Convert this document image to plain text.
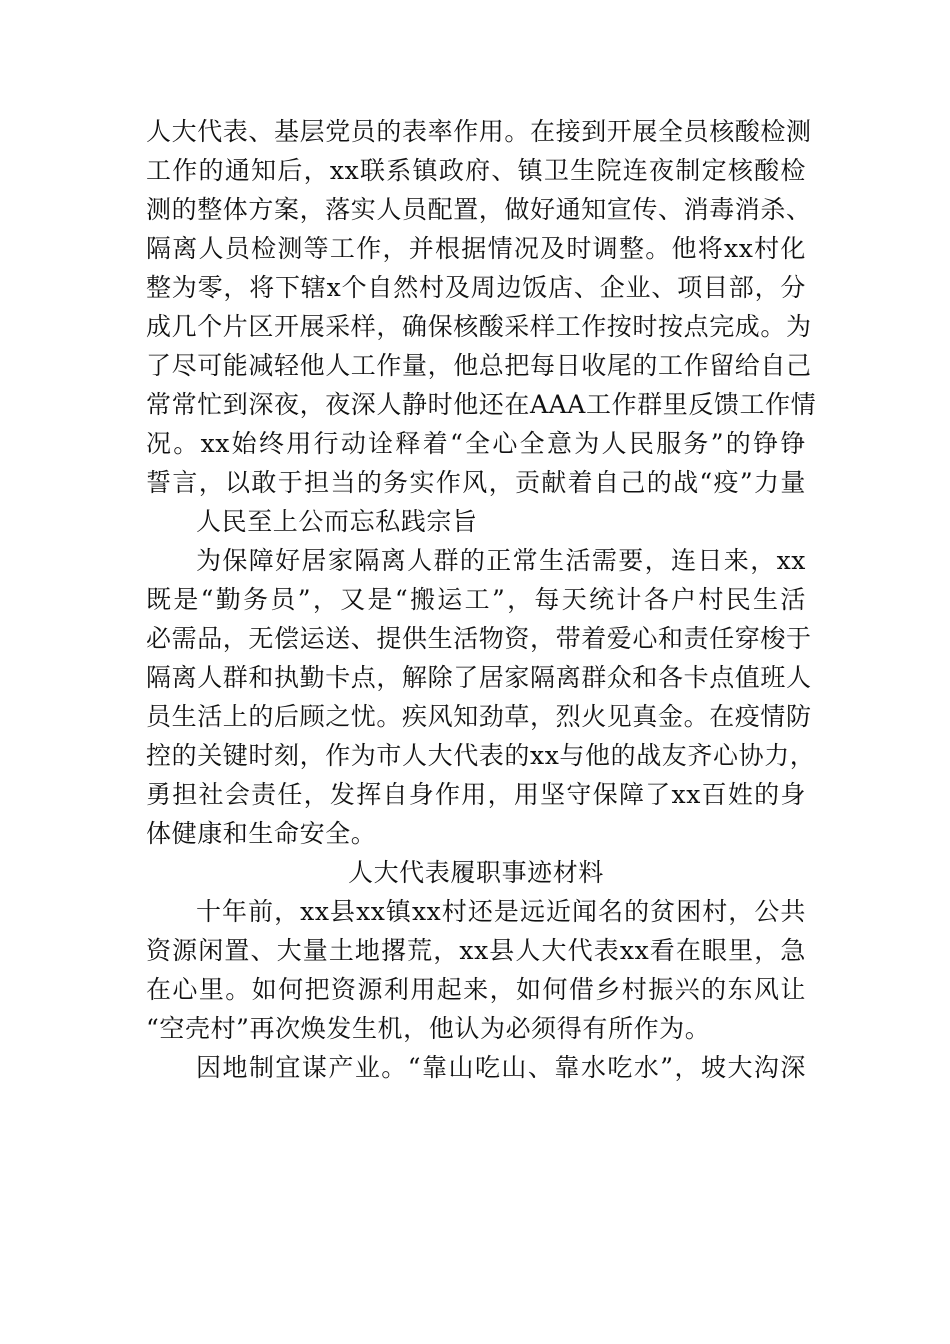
人大代表、基层党员的表率作用。在接到开展全员核酸检测
工作的通知后，xx联系镇政府、镇卫生院连夜制定核酸检
测的整体方案，落实人员配置，做好通知宣传、消毒消杀、
隔离人员检测等工作，并根据情况及时调整。他将xx村化
整为零，将下辖x个自然村及周边饭店、企业、项目部，分
成几个片区开展采样，确保核酸采样工作按时按点完成。为
了尽可能减轻他人工作量，他总把每日收尾的工作留给自己
常常忙到深夜，夜深人静时他还在AAA工作群里反馈工作情
况。xx始终用行动诠释着“全心全意为人民服务”的铮铮
誓言，以敢于担当的务实作风，贡献着自己的战“疫”力量
人民至上公而忘私践宗旨
为保障好居家隔离人群的正常生活需要，连日来，xx
既是“勤务员”，又是“搬运工”，每天统计各户村民生活
必需品，无偿运送、提供生活物资，带着爱心和责任穿梭于
隔离人群和执勤卡点，解除了居家隔离群众和各卡点值班人
员生活上的后顾之忧。疾风知劲草，烈火见真金。在疫情防
控的关键时刻，作为市人大代表的xx与他的战友齐心协力，
勇担社会责任，发挥自身作用，用坚守保障了xx百姓的身
体健康和生命安全。
人大代表履职事迹材料
十年前，xx县xx镇xx村还是远近闻名的贫困村，公共
资源闲置、大量土地撂荒，xx县人大代表xx看在眼里，急
在心里。如何把资源利用起来，如何借乡村振兴的东风让
“空壳村”再次焕发生机，他认为必须得有所作为。
因地制宜谋产业。“靠山吃山、靠水吃水”，坡大沟深
